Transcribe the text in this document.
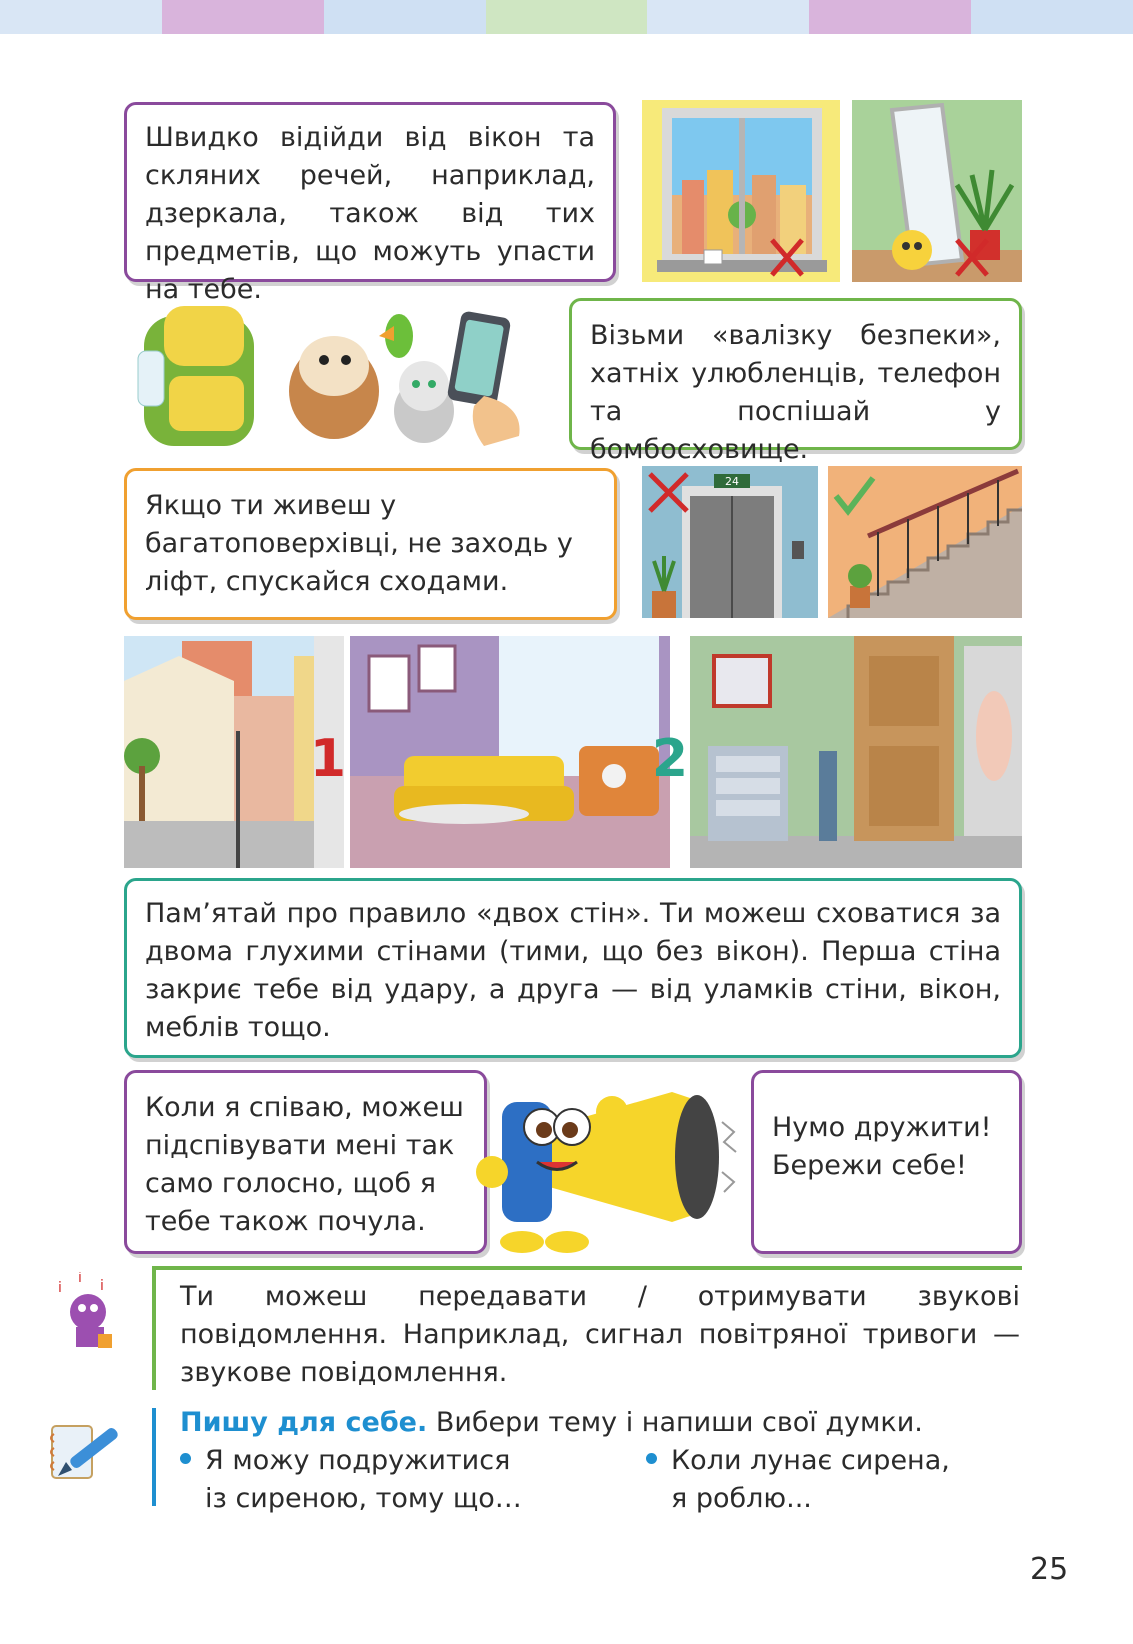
Швидко відійди від вікон та скляних речей, наприклад, дзеркала, також від тих предметів, що можуть упасти на тебе.

Візьми «валізку безпеки», хатніх улюбленців, телефон та поспішай у бомбосховище.

Якщо ти живеш у багатоповерхівці, не заходь у ліфт, спускайся сходами.

24
1	2

Пам’ятай про правило «двох стін». Ти можеш сховатися за двома глухими стінами (тими, що без вікон). Перша стіна закриє тебе від удару, а друга — від уламків стіни, вікон, меблів тощо.

Коли я співаю, можеш підспівувати мені так само голосно, щоб я тебе також почула.

Нумо дружити!

Бережи себе!

i
i i	Ти можеш передавати / отримувати звукові повідомлення. Наприклад, сигнал повітряної тривоги — звукове повідомлення.
Пишу для себе. Вибери тему і напиши свої думки.
Я можу подружитися
із сиреною, тому що…
Коли лунає сирена,
я роблю...
25
